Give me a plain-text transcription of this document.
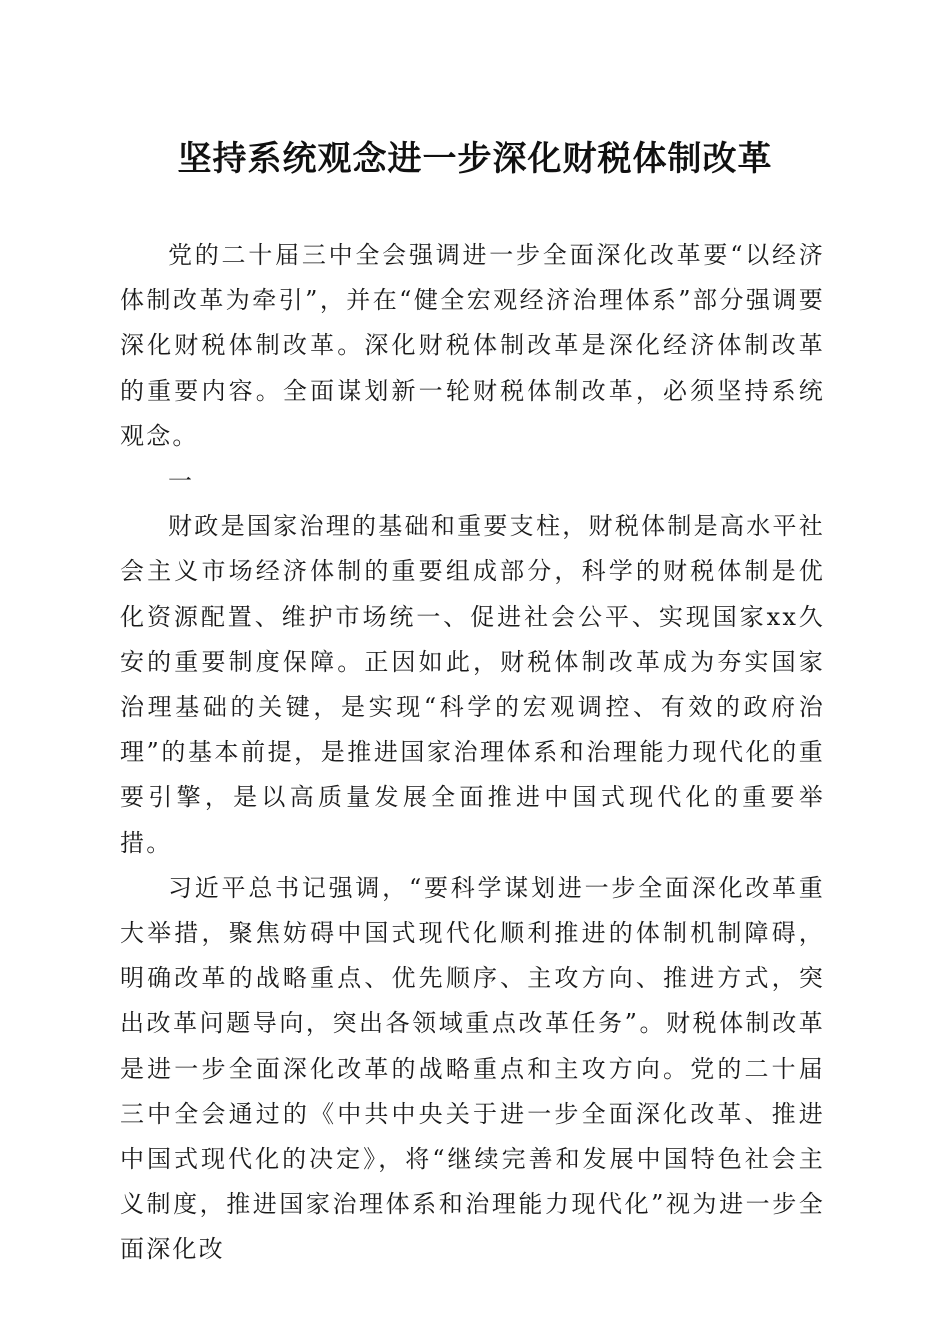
坚持系统观念进一步深化财税体制改革

党的二十届三中全会强调进一步全面深化改革要“以经济体制改革为牵引”，并在“健全宏观经济治理体系”部分强调要深化财税体制改革。深化财税体制改革是深化经济体制改革的重要内容。全面谋划新一轮财税体制改革，必须坚持系统观念。

一

财政是国家治理的基础和重要支柱，财税体制是高水平社会主义市场经济体制的重要组成部分，科学的财税体制是优化资源配置、维护市场统一、促进社会公平、实现国家xx久安的重要制度保障。正因如此，财税体制改革成为夯实国家治理基础的关键，是实现“科学的宏观调控、有效的政府治理”的基本前提，是推进国家治理体系和治理能力现代化的重要引擎，是以高质量发展全面推进中国式现代化的重要举措。

习近平总书记强调，“要科学谋划进一步全面深化改革重大举措，聚焦妨碍中国式现代化顺利推进的体制机制障碍，明确改革的战略重点、优先顺序、主攻方向、推进方式，突出改革问题导向，突出各领域重点改革任务”。财税体制改革是进一步全面深化改革的战略重点和主攻方向。党的二十届三中全会通过的《中共中央关于进一步全面深化改革、推进中国式现代化的决定》，将“继续完善和发展中国特色社会主义制度，推进国家治理体系和治理能力现代化”视为进一步全面深化改
